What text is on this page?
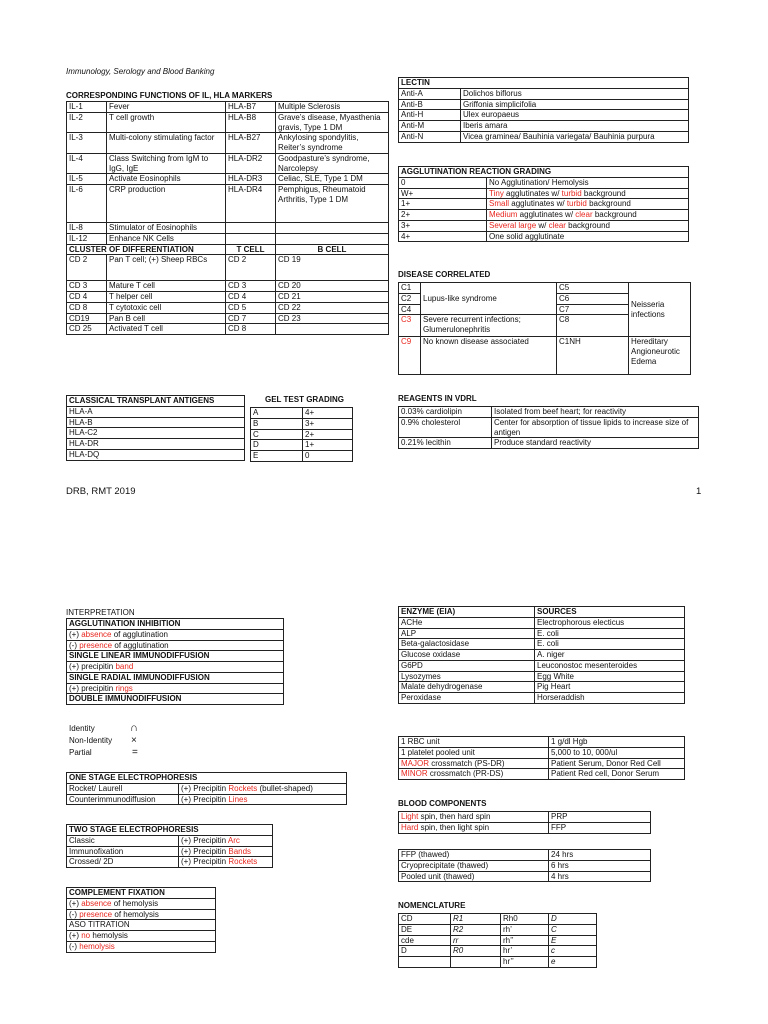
Immunology, Serology and Blood Banking
CORRESPONDING FUNCTIONS OF IL, HLA MARKERS
IL-1	Fever	HLA-B7	Multiple Sclerosis
IL-2	T cell growth	HLA-B8	Grave’s disease, Myasthenia gravis, Type 1 DM
IL-3	Multi-colony stimulating factor	HLA-B27	Ankylosing spondylitis, Reiter’s syndrome
IL-4	Class Switching from IgM to IgG, IgE	HLA-DR2	Goodpasture’s syndrome, Narcolepsy
IL-5	Activate Eosinophils	HLA-DR3	Celiac, SLE, Type 1 DM
IL-6	CRP production	HLA-DR4	Pemphigus, Rheumatoid Arthritis, Type 1 DM
IL-8	Stimulator of Eosinophils		
IL-12	Enhance NK Cells		
CLUSTER OF DIFFERENTIATION		T CELL	B CELL
CD 2	Pan T cell; (+) Sheep RBCs	CD 2	CD 19
CD 3	Mature T cell	CD 3	CD 20
CD 4	T helper cell	CD 4	CD 21
CD 8	T cytotoxic cell	CD 5	CD 22
CD19	Pan B cell	CD 7	CD 23
CD 25	Activated T cell	CD 8	
CLASSICAL TRANSPLANT ANTIGENS
HLA-A
HLA-B
HLA-C2
HLA-DR
HLA-DQ
GEL TEST GRADING
A	4+
B	3+
C	2+
D	1+
E	0
LECTIN	
Anti-A	Dolichos biflorus
Anti-B	Griffonia simplicifolia
Anti-H	Ulex europaeus
Anti-M	Iberis amara
Anti-N	Vicea graminea/ Bauhinia variegata/ Bauhinia purpura
AGGLUTINATION REACTION GRADING	
0	No Agglutination/ Hemolysis
W+	Tiny agglutinates w/ turbid background
1+	Small agglutinates w/ turbid background
2+	Medium agglutinates w/ clear background
3+	Several large w/ clear background
4+	One solid agglutinate
DISEASE CORRELATED
C1	Lupus-like syndrome	C5	Neisseria infections
C2		C6	
C4		C7	
C3	Severe recurrent infections; Glumerulonephritis	C8	
C9	No known disease associated	C1NH	Hereditary Angioneurotic Edema
REAGENTS IN VDRL
0.03% cardiolipin	Isolated from beef heart; for reactivity
0.9% cholesterol	Center for absorption of tissue lipids to increase size of antigen
0.21% lecithin	Produce standard reactivity
DRB, RMT 2019	1
INTERPRETATION
AGGLUTINATION INHIBITION
(+) absence of agglutination
(-) presence of agglutination
SINGLE LINEAR IMMUNODIFFUSION
(+) precipitin band
SINGLE RADIAL IMMUNODIFFUSION
(+) precipitin rings
DOUBLE IMMUNODIFFUSION
Identity	∩
Non-Identity ×
Partial	=
ONE STAGE ELECTROPHORESIS	
Rocket/ Laurell	(+) Precipitin Rockets (bullet-shaped)
Counterimmunodiffusion	(+) Precipitin Lines
TWO STAGE ELECTROPHORESIS	
Classic	(+) Precipitin Arc
Immunofixation	(+) Precipitin Bands
Crossed/ 2D	(+) Precipitin Rockets
COMPLEMENT FIXATION
(+) absence of hemolysis
(-) presence of hemolysis
ASO TITRATION
(+) no hemolysis
(-) hemolysis
ENZYME (EIA)	SOURCES
ACHe	Electrophorous electicus
ALP	E. coli
Beta-galactosidase	E. coli
Glucose oxidase	A. niger
G6PD	Leuconostoc mesenteroides
Lysozymes	Egg White
Malate dehydrogenase	Pig Heart
Peroxidase	Horseraddish
1 RBC unit	1 g/dl Hgb
1 platelet pooled unit	5,000 to 10, 000/ul
MAJOR crossmatch (PS-DR)	Patient Serum, Donor Red Cell
MINOR crossmatch (PR-DS)	Patient Red cell, Donor Serum
BLOOD COMPONENTS
Light spin, then hard spin	PRP
Hard spin, then light spin	FFP
FFP (thawed)	24 hrs
Cryoprecipitate (thawed)	6 hrs
Pooled unit (thawed)	4 hrs
NOMENCLATURE
CD	R1	Rh0	D
DE	R2	rh’	C
cde	rr	rh’’	E
D	R0	hr’	c
		hr’’	e
